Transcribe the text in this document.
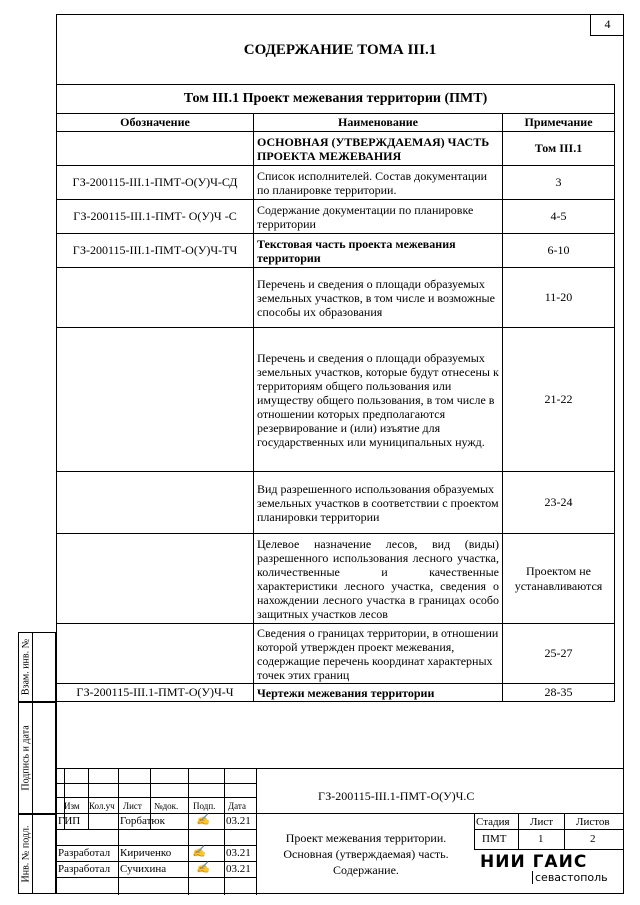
4
СОДЕРЖАНИЕ ТОМА III.1
Том III.1 Проект межевания территории (ПМТ)		
Обозначение	Наименование	Примечание
	ОСНОВНАЯ (УТВЕРЖДАЕМАЯ) ЧАСТЬ ПРОЕКТА МЕЖЕВАНИЯ	Том III.1
ГЗ-200115-III.1-ПМТ-О(У)Ч-СД	Список исполнителей. Состав документации по планировке территории.	3
ГЗ-200115-III.1-ПМТ- О(У)Ч -С	Содержание документации по планировке территории	4-5
ГЗ-200115-III.1-ПМТ-О(У)Ч-ТЧ	Текстовая часть проекта межевания территории	6-10
	Перечень и сведения о площади образуемых земельных участков, в том числе и возможные способы их образования	11-20
	Перечень и сведения о площади образуемых земельных участков, которые будут отнесены к территориям общего пользования или имуществу общего пользования, в том числе в отношении которых предполагаются резервирование и (или) изъятие для государственных или муниципальных нужд.	21-22
	Вид разрешенного использования образуемых земельных участков в соответствии с проектом планировки территории	23-24
	Целевое назначение лесов, вид (виды) разрешенного использования лесного участка, количественные и качественные характеристики лесного участка, сведения о нахождении лесного участка в границах особо защитных участков лесов	Проектом не устанавливаются
	Сведения о границах территории, в отношении которой утвержден проект межевания, содержащие перечень координат характерных точек этих границ	25-27
ГЗ-200115-III.1-ПМТ-О(У)Ч-Ч	Чертежи межевания территории	28-35
Взам. инв. №
Подпись и дата
Инв. № подл.
Изм Кол.уч Лист №док. Подп. Дата
ГЗ-200115-III.1-ПМТ-О(У)Ч.С
ГИП	Горбатюк	✍ 03.21
Разработал Кириченко ✍ 03.21
Разработал Сучихина	✍ 03.21
Проект межевания территории.
Основная (утверждаемая) часть.
Содержание.
Стадия Лист Листов
ПМТ	1	2
НИИ ГАИС
севастополь
